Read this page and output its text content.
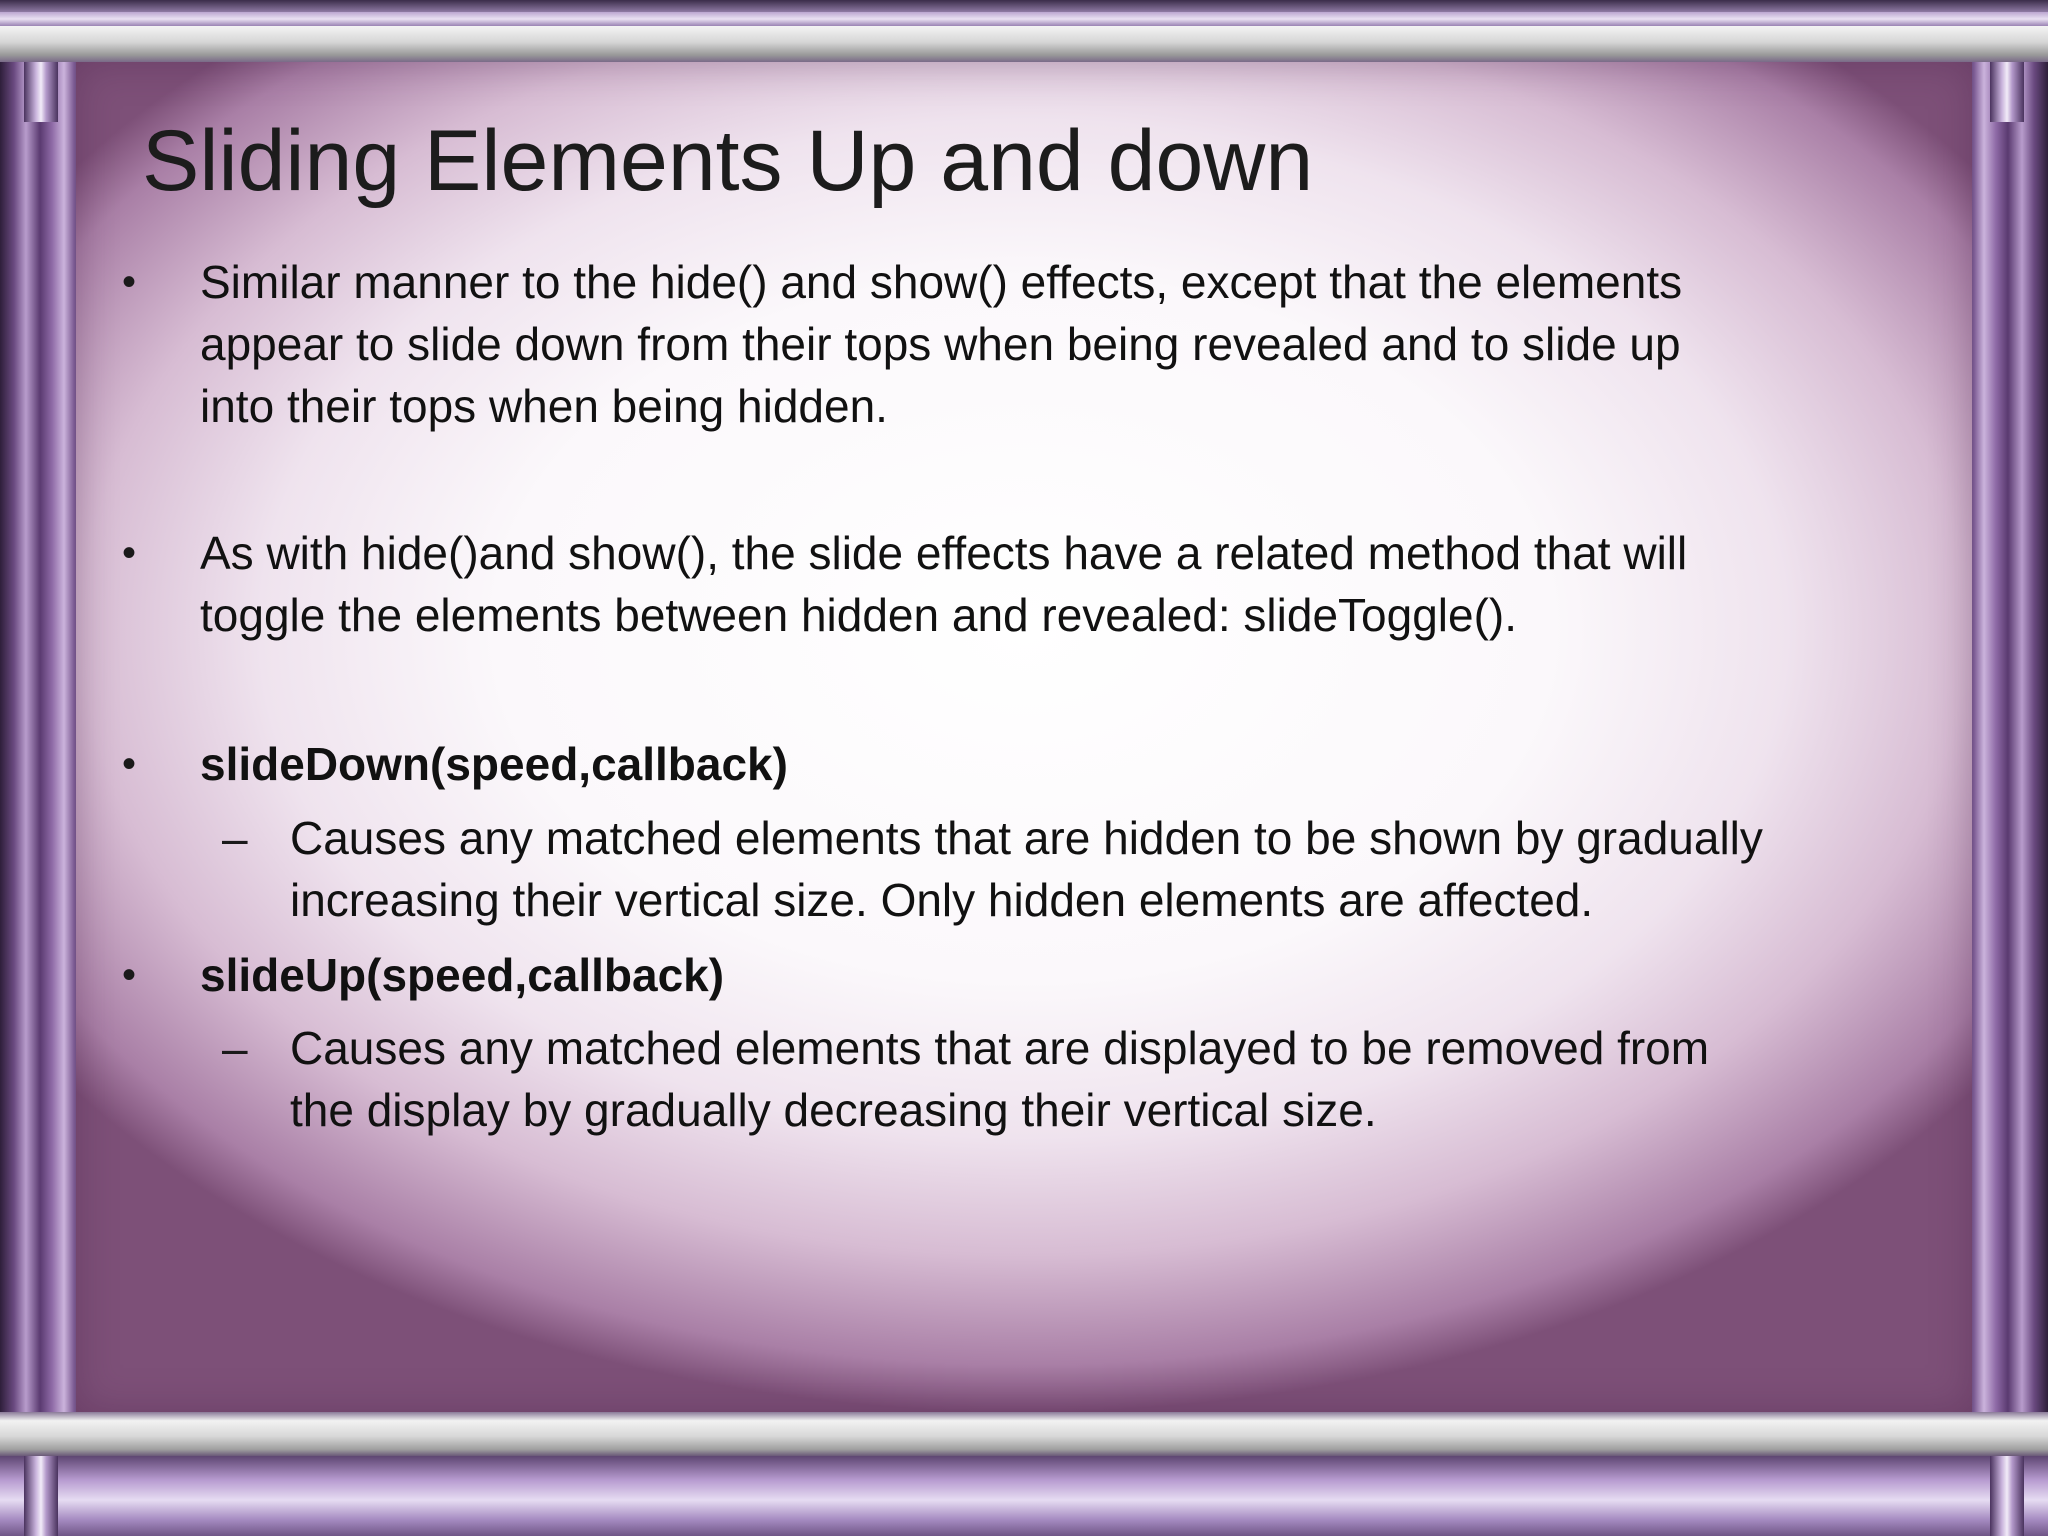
Sliding Elements Up and down
• Similar manner to the hide() and show() effects, except that the elements
appear to slide down from their tops when being revealed and to slide up
into their tops when being hidden.
• As with hide()and show(), the slide effects have a related method that will
toggle the elements between hidden and revealed: slideToggle().
• slideDown(speed,callback)
– Causes any matched elements that are hidden to be shown by gradually
increasing their vertical size. Only hidden elements are affected.
• slideUp(speed,callback)
– Causes any matched elements that are displayed to be removed from
the display by gradually decreasing their vertical size.
